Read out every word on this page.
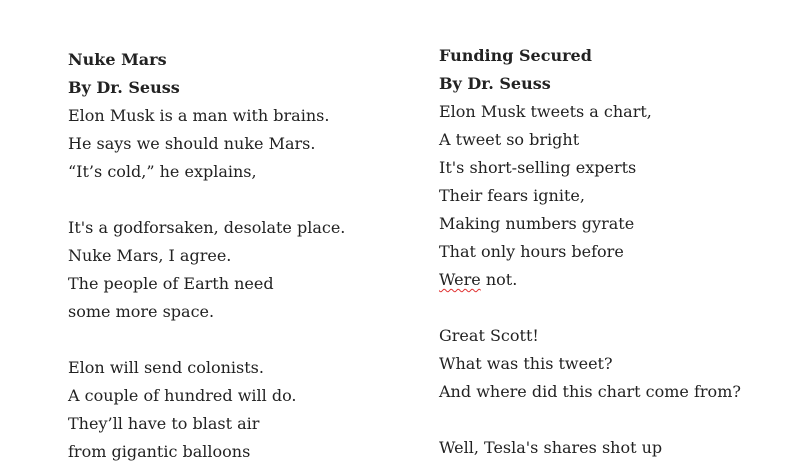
Nuke Mars
By Dr. Seuss
Elon Musk is a man with brains.
He says we should nuke Mars.
“It’s cold,” he explains,
It's a godforsaken, desolate place.
Nuke Mars, I agree.
The people of Earth need
some more space.
Elon will send colonists.
A couple of hundred will do.
They’ll have to blast air
from gigantic balloons
Funding Secured
By Dr. Seuss
Elon Musk tweets a chart,
A tweet so bright
It's short-selling experts
Their fears ignite,
Making numbers gyrate
That only hours before
Were not.
Great Scott!
What was this tweet?
And where did this chart come from?
Well, Tesla's shares shot up
